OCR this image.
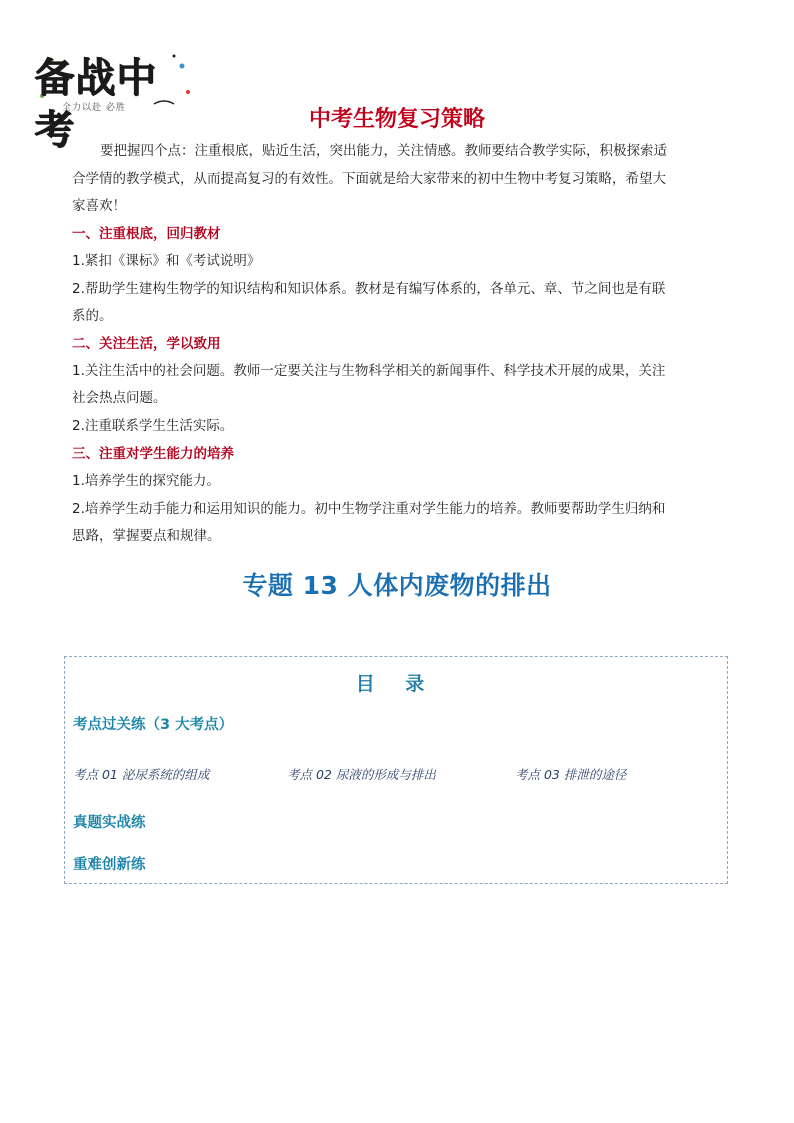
备战中考
全力以赴 必胜	中考生物复习策略
要把握四个点：注重根底，贴近生活，突出能力，关注情感。教师要结合教学实际，积极探索适
合学情的教学模式，从而提高复习的有效性。下面就是给大家带来的初中生物中考复习策略，希望大
家喜欢！
一、注重根底，回归教材
1.紧扣《课标》和《考试说明》
2.帮助学生建构生物学的知识结构和知识体系。教材是有编写体系的，各单元、章、节之间也是有联
系的。
二、关注生活，学以致用
1.关注生活中的社会问题。教师一定要关注与生物科学相关的新闻事件、科学技术开展的成果，关注
社会热点问题。
2.注重联系学生生活实际。
三、注重对学生能力的培养
1.培养学生的探究能力。
2.培养学生动手能力和运用知识的能力。初中生物学注重对学生能力的培养。教师要帮助学生归纳和
思路，掌握要点和规律。
专题 13 人体内废物的排出
目 录
考点过关练（3 大考点）
考点 01 泌尿系统的组成	考点 02 尿液的形成与排出	考点 03 排泄的途径
真题实战练
重难创新练
